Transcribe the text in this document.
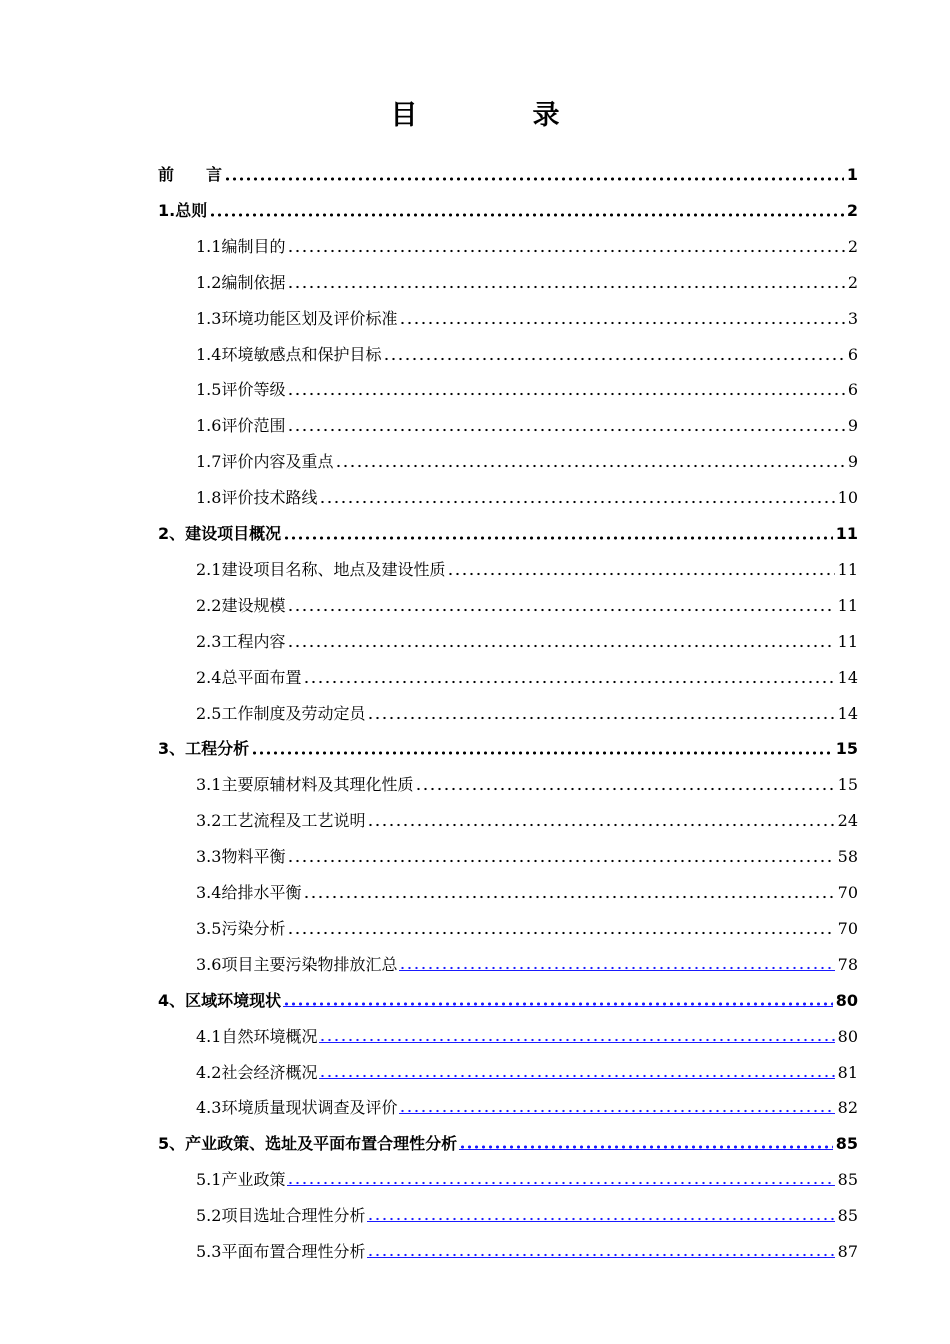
目　录
前　　言	1
1.总则	2
1.1编制目的	2
1.2编制依据	2
1.3环境功能区划及评价标准	3
1.4环境敏感点和保护目标	6
1.5评价等级	6
1.6评价范围	9
1.7评价内容及重点	9
1.8评价技术路线	10
2、建设项目概况	11
2.1建设项目名称、地点及建设性质	11
2.2建设规模	11
2.3工程内容	11
2.4总平面布置	14
2.5工作制度及劳动定员	14
3、工程分析	15
3.1主要原辅材料及其理化性质	15
3.2工艺流程及工艺说明	24
3.3物料平衡	58
3.4给排水平衡	70
3.5污染分析	70
3.6项目主要污染物排放汇总	78
4、区域环境现状	80
4.1自然环境概况	80
4.2社会经济概况	81
4.3环境质量现状调查及评价	82
5、产业政策、选址及平面布置合理性分析	85
5.1产业政策	85
5.2项目选址合理性分析	85
5.3平面布置合理性分析	87
